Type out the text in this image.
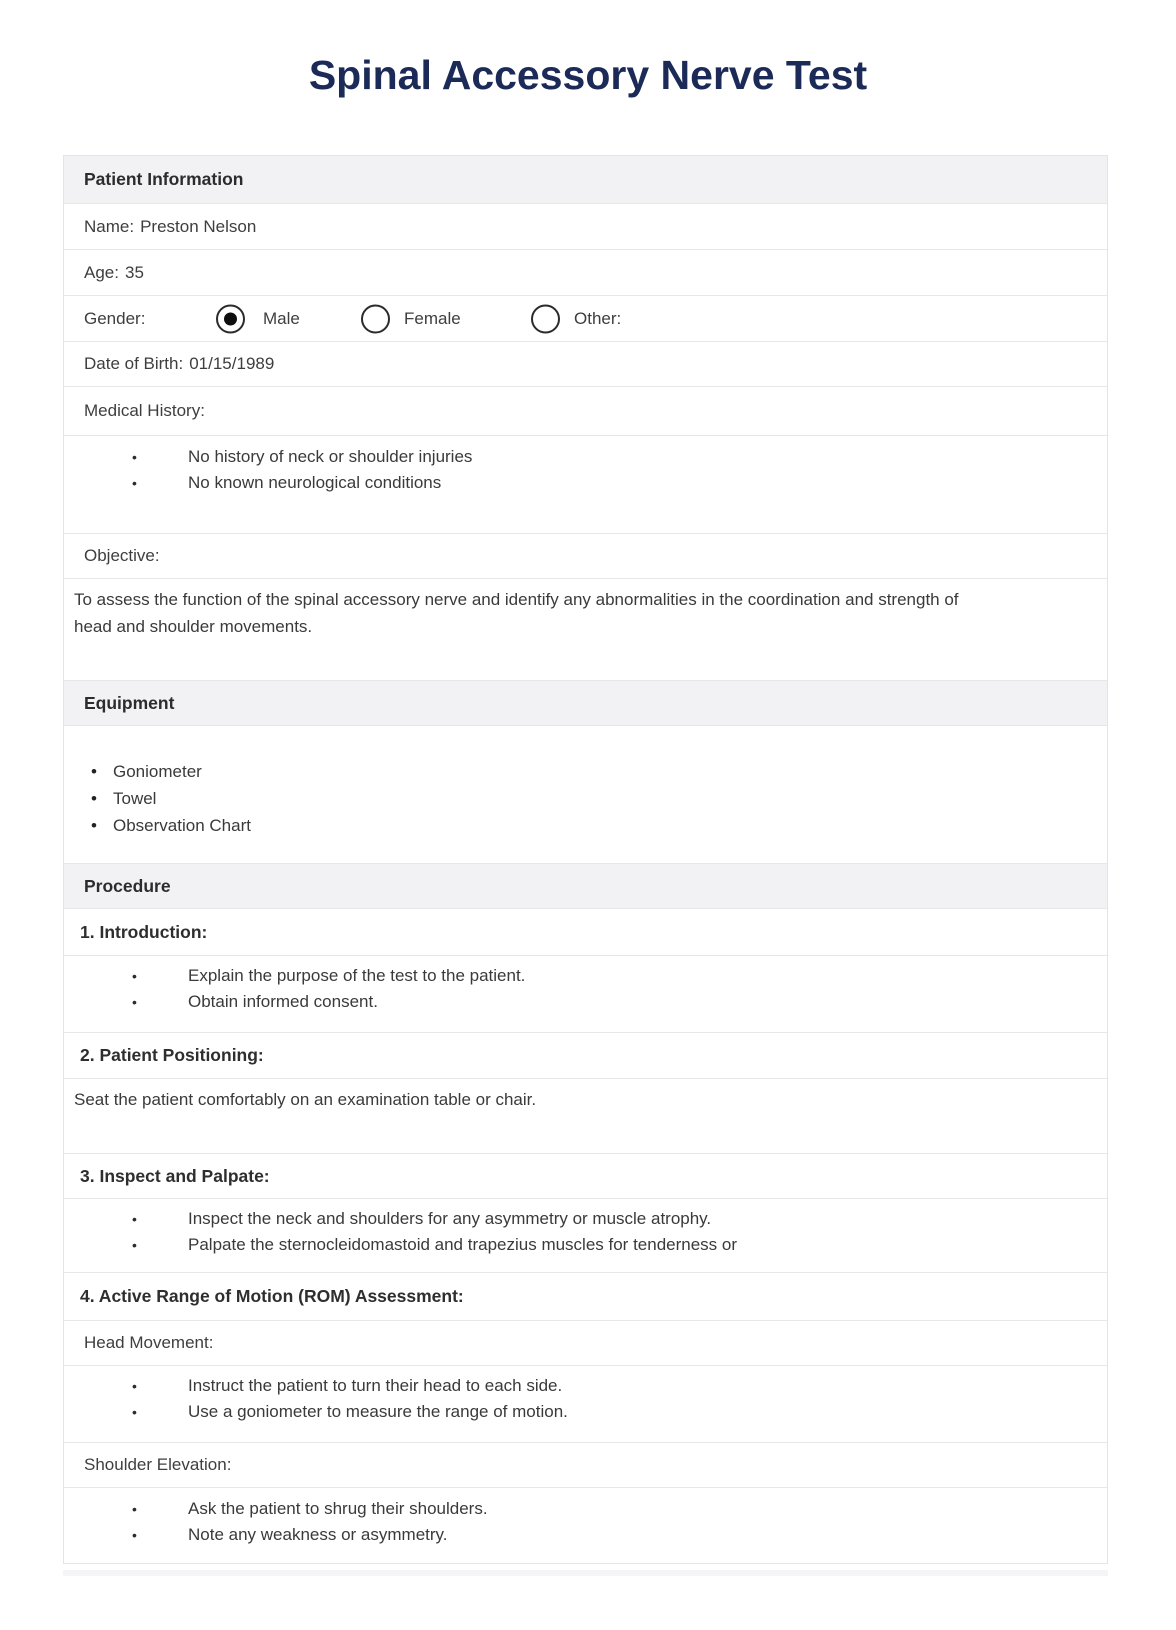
Spinal Accessory Nerve Test
Patient Information
Name: Preston Nelson
Age: 35
Gender:	Male	Female	Other:
Date of Birth: 01/15/1989
Medical History:
•	No history of neck or shoulder injuries
•	No known neurological conditions
Objective:
To assess the function of the spinal accessory nerve and identify any abnormalities in the coordination and strength of head and shoulder movements.
Equipment
• Goniometer
• Towel
• Observation Chart
Procedure
1. Introduction:
•	Explain the purpose of the test to the patient.
•	Obtain informed consent.
2. Patient Positioning:
Seat the patient comfortably on an examination table or chair.
3. Inspect and Palpate:
•	Inspect the neck and shoulders for any asymmetry or muscle atrophy.
•	Palpate the sternocleidomastoid and trapezius muscles for tenderness or
4. Active Range of Motion (ROM) Assessment:
Head Movement:
•	Instruct the patient to turn their head to each side.
•	Use a goniometer to measure the range of motion.
Shoulder Elevation:
•	Ask the patient to shrug their shoulders.
•	Note any weakness or asymmetry.
